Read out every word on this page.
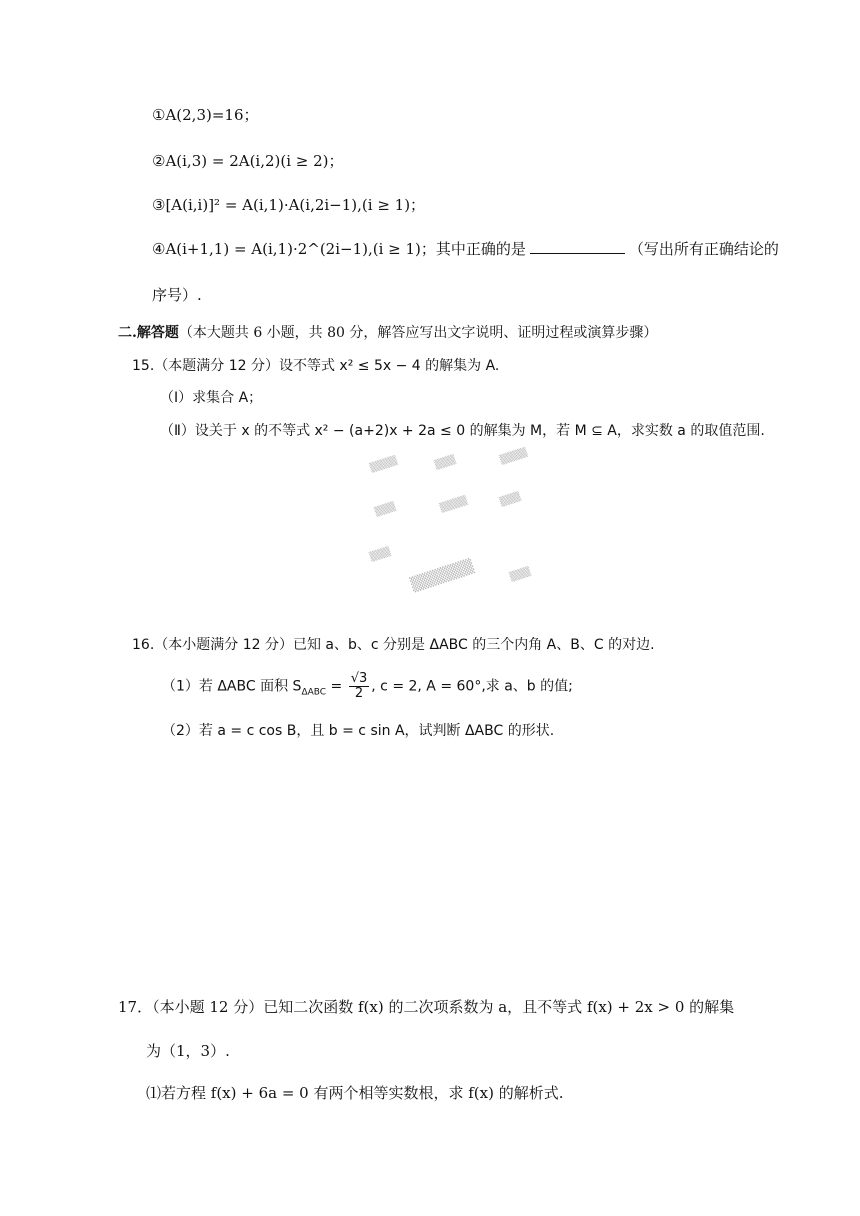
①A(2,3)=16；
②A(i,3) = 2A(i,2)(i ≥ 2)；
③[A(i,i)]² = A(i,1)·A(i,2i−1),(i ≥ 1)；
④A(i+1,1) = A(i,1)·2^(2i−1),(i ≥ 1)；其中正确的是	（写出所有正确结论的
序号）.
二.解答题（本大题共 6 小题，共 80 分，解答应写出文字说明、证明过程或演算步骤）
15.（本题满分 12 分）设不等式 x² ≤ 5x − 4 的解集为 A.
（Ⅰ）求集合 A；
（Ⅱ）设关于 x 的不等式 x² − (a+2)x + 2a ≤ 0 的解集为 M，若 M ⊆ A，求实数 a 的取值范围.
▒▒▒▒	▒▒▒	▒▒▒▒
▒▒▒	▒▒▒▒	▒▒▒
▒▒▒
▒▒▒▒▒▒	▒▒▒
16.（本小题满分 12 分）已知 a、b、c 分别是 ΔABC 的三个内角 A、B、C 的对边.
（1）若 ΔABC 面积 $S_{\Delta ABC} = \frac{√3}{2}$ , c = 2, A = 60°,求 a、b 的值;
（2）若 a = c cos B，且 b = c sin A，试判断 ΔABC 的形状.
17．（本小题 12 分）已知二次函数 f(x) 的二次项系数为 a，且不等式 f(x) + 2x > 0 的解集
为（1，3）.
⑴若方程 f(x) + 6a = 0 有两个相等实数根，求 f(x) 的解析式.
